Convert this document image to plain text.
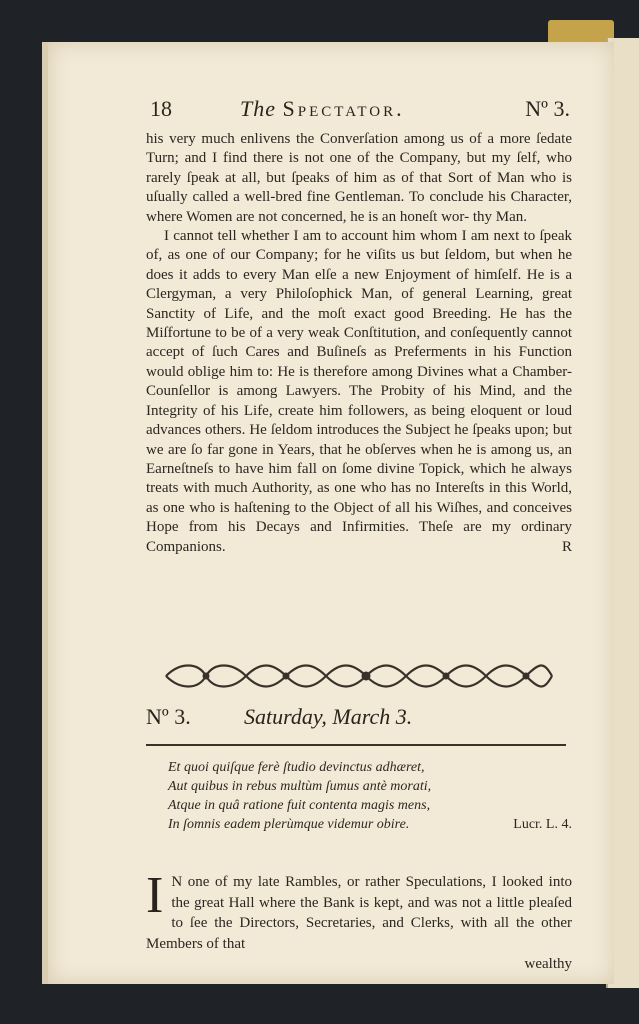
18	The Spectator.	Nº 3.

his very much enlivens the Converſation among us of a more ſedate Turn; and I find there is not one of the Company, but my ſelf, who rarely ſpeak at all, but ſpeaks of him as of that Sort of Man who is uſually called a well-bred fine Gentleman. To conclude his Character, where Women are not concerned, he is an honeſt wor- thy Man.

I cannot tell whether I am to account him whom I am next to ſpeak of, as one of our Company; for he viſits us but ſeldom, but when he does it adds to every Man elſe a new Enjoyment of himſelf. He is a Clergyman, a very Philoſophick Man, of general Learning, great Sanctity of Life, and the moſt exact good Breeding. He has the Miſfortune to be of a very weak Conſtitution, and conſequently cannot accept of ſuch Cares and Buſineſs as Preferments in his Function would oblige him to: He is therefore among Divines what a Chamber-Counſellor is among Lawyers. The Probity of his Mind, and the Integrity of his Life, create him followers, as being eloquent or loud advances others. He ſeldom introduces the Subject he ſpeaks upon; but we are ſo far gone in Years, that he obſerves when he is among us, an Earneſtneſs to have him fall on ſome divine Topick, which he always treats with much Authority, as one who has no Intereſts in this World, as one who is haſtening to the Object of all his Wiſhes, and conceives Hope from his Decays and Infirmities. Theſe are my ordinary Companions.	R

Nº 3. Saturday, March 3.
Et quoi quiſque ferè ſtudio devinctus adhæret,
Aut quibus in rebus multùm ſumus antè morati,
Atque in quâ ratione fuit contenta magis mens,
In ſomnis eadem plerùmque videmur obire.	Lucr. L. 4.
I N one of my late Rambles, or rather Speculations, I looked into the great Hall where the Bank is kept, and was not a little pleaſed to ſee the Directors, Secretaries, and Clerks, with all the other Members of that
wealthy
